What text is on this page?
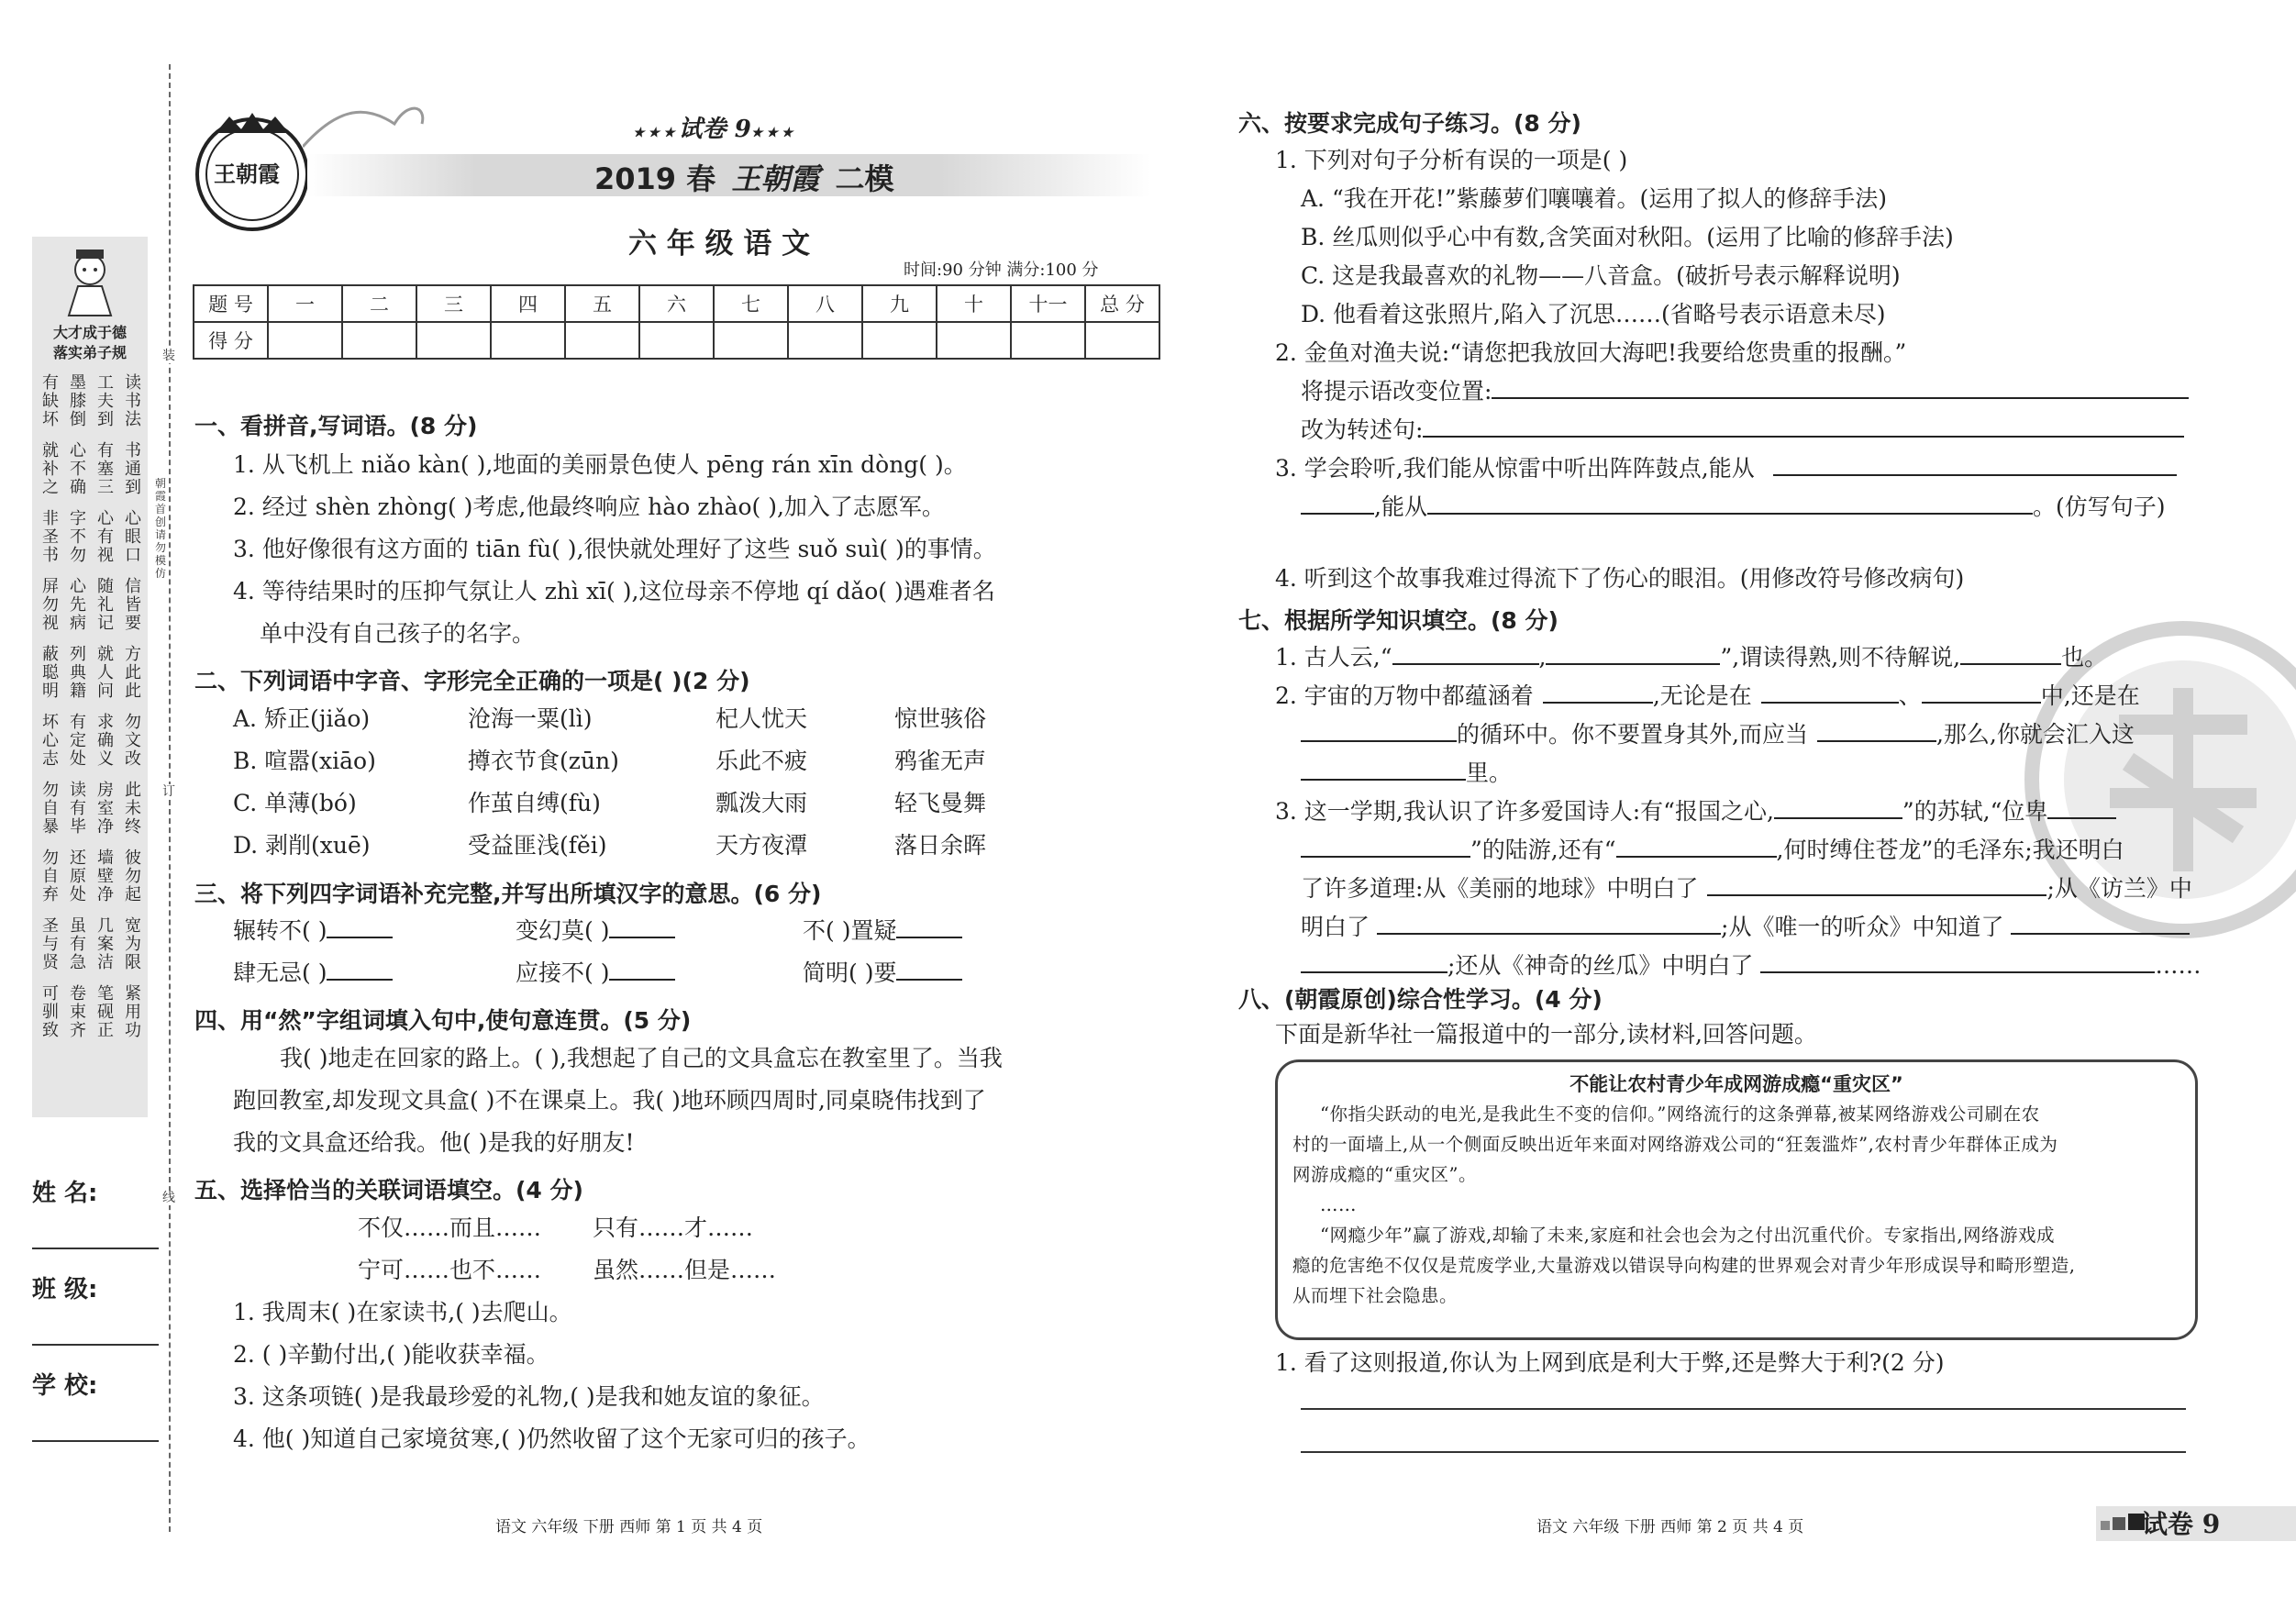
装
订
线
朝霞首创 请勿模仿
大才成于德
落实弟子规
有 墨 工 读
缺 膝 夫 书
坏 倒 到 法
就 心 有 书
补 不 塞 通
之 确 三 到
非 字 心 心
圣 不 有 眼
书 勿 视 口
屏 心 随 信
勿 先 礼 皆
视 病 记 要
蔽 列 就 方
聪 典 人 此
明 籍 问 此
坏 有 求 勿
心 定 确 文
志 处 义 改
勿 读 房 此
自 有 室 未
暴 毕 净 终
勿 还 墙 彼
自 原 壁 勿
弃 处 净 起
圣 虽 几 宽
与 有 案 为
贤 急 洁 限
可 卷 笔 紧
驯 束 砚 用
致 齐 正 功
姓 名:
班 级:
学 校:
王朝霞
★★★试卷 9★★★
2019 春 王朝霞 二模
六 年 级 语 文
时间:90 分钟 满分:100 分
题 号	一	二	三	四	五	六	七	八	九	十	十一	总 分
得 分												
一、看拼音,写词语。(8 分)
1. 从飞机上 niǎo kàn( ),地面的美丽景色使人 pēng rán xīn dòng( )。
2. 经过 shèn zhòng( )考虑,他最终响应 hào zhào( ),加入了志愿军。
3. 他好像很有这方面的 tiān fù( ),很快就处理好了这些 suǒ suì( )的事情。
4. 等待结果时的压抑气氛让人 zhì xī( ),这位母亲不停地 qí dǎo( )遇难者名
单中没有自己孩子的名字。
二、下列词语中字音、字形完全正确的一项是( )(2 分)
A. 矫正(jiǎo)	沧海一粟(lì)	杞人忧天	惊世骇俗
B. 喧嚣(xiāo)	撙衣节食(zūn)	乐此不疲	鸦雀无声
C. 单薄(bó)	作茧自缚(fù)	瓢泼大雨	轻飞曼舞
D. 剥削(xuē)	受益匪浅(fěi)	天方夜潭	落日余晖
三、将下列四字词语补充完整,并写出所填汉字的意思。(6 分)
辗转不( )	变幻莫( )	不( )置疑
肆无忌( )	应接不( )	简明( )要
四、用“然”字组词填入句中,使句意连贯。(5 分)
我( )地走在回家的路上。( ),我想起了自己的文具盒忘在教室里了。当我
跑回教室,却发现文具盒( )不在课桌上。我( )地环顾四周时,同桌晓伟找到了
我的文具盒还给我。他( )是我的好朋友!
五、选择恰当的关联词语填空。(4 分)
不仅……而且…… 只有……才……
宁可……也不…… 虽然……但是……
1. 我周末( )在家读书,( )去爬山。
2. ( )辛勤付出,( )能收获幸福。
3. 这条项链( )是我最珍爱的礼物,( )是我和她友谊的象征。
4. 他( )知道自己家境贫寒,( )仍然收留了这个无家可归的孩子。
语文 六年级 下册 西师 第 1 页 共 4 页
六、按要求完成句子练习。(8 分)
1. 下列对句子分析有误的一项是( )
A. “我在开花!”紫藤萝们嚷嚷着。(运用了拟人的修辞手法)
B. 丝瓜则似乎心中有数,含笑面对秋阳。(运用了比喻的修辞手法)
C. 这是我最喜欢的礼物——八音盒。(破折号表示解释说明)
D. 他看着这张照片,陷入了沉思……(省略号表示语意未尽)
2. 金鱼对渔夫说:“请您把我放回大海吧!我要给您贵重的报酬。”
将提示语改变位置:
改为转述句:
3. 学会聆听,我们能从惊雷中听出阵阵鼓点,能从
,能从	。(仿写句子)
4. 听到这个故事我难过得流下了伤心的眼泪。(用修改符号修改病句)
七、根据所学知识填空。(8 分)
1. 古人云,“	,	”,谓读得熟,则不待解说,	也。
2. 宇宙的万物中都蕴涵着	,无论是在	、	中,还是在
的循环中。你不要置身其外,而应当	,那么,你就会汇入这
里。
3. 这一学期,我认识了许多爱国诗人:有“报国之心,	”的苏轼,“位卑
”的陆游,还有“	,何时缚住苍龙”的毛泽东;我还明白
了许多道理:从《美丽的地球》中明白了	;从《访兰》中
明白了	;从《唯一的听众》中知道了
;还从《神奇的丝瓜》中明白了	……
八、(朝霞原创)综合性学习。(4 分)
下面是新华社一篇报道中的一部分,读材料,回答问题。
不能让农村青少年成网游成瘾“重灾区”
“你指尖跃动的电光,是我此生不变的信仰。”网络流行的这条弹幕,被某网络游戏公司刷在农
村的一面墙上,从一个侧面反映出近年来面对网络游戏公司的“狂轰滥炸”,农村青少年群体正成为
网游成瘾的“重灾区”。
……
“网瘾少年”赢了游戏,却输了未来,家庭和社会也会为之付出沉重代价。专家指出,网络游戏成
瘾的危害绝不仅仅是荒废学业,大量游戏以错误导向构建的世界观会对青少年形成误导和畸形塑造,
从而埋下社会隐患。
1. 看了这则报道,你认为上网到底是利大于弊,还是弊大于利?(2 分)
语文 六年级 下册 西师 第 2 页 共 4 页	试卷 9
